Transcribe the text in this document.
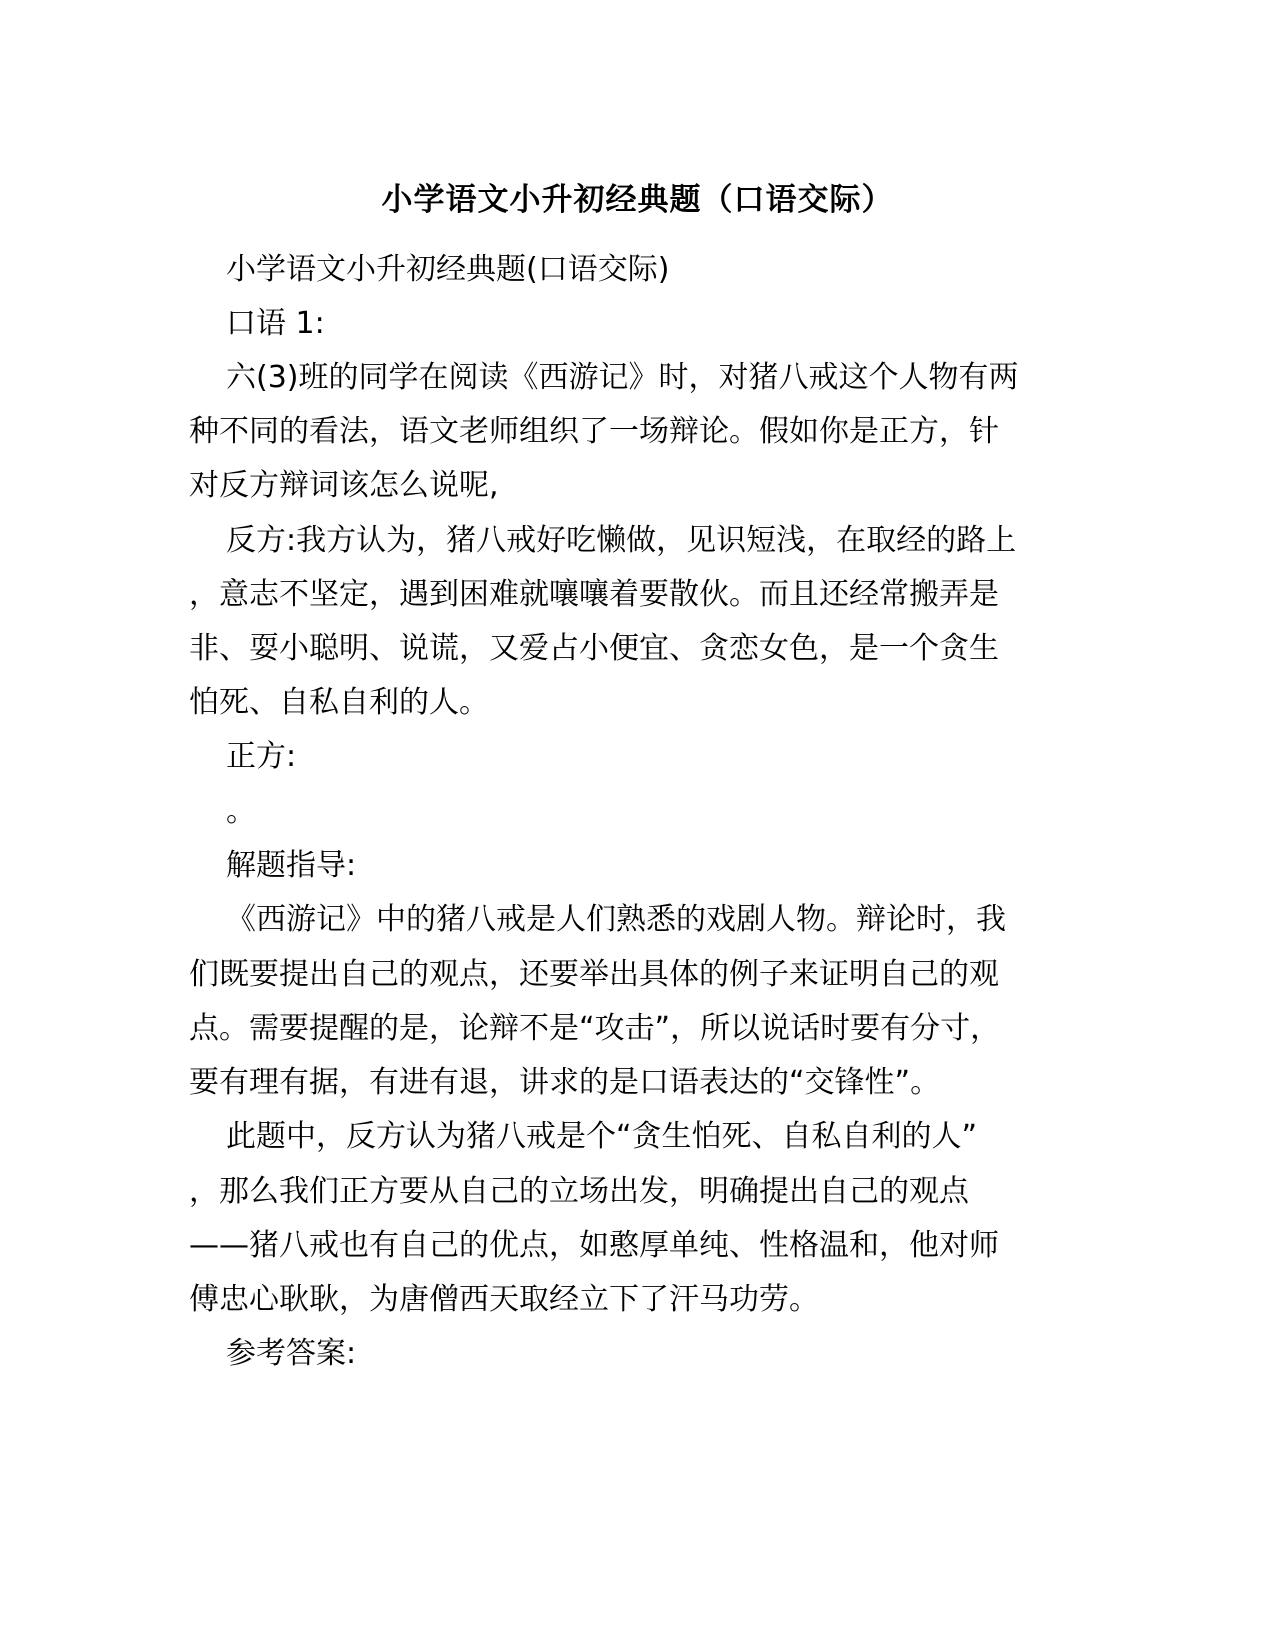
小学语文小升初经典题（口语交际）
小学语文小升初经典题(口语交际)
口语 1:
六(3)班的同学在阅读《西游记》时，对猪八戒这个人物有两
种不同的看法，语文老师组织了一场辩论。假如你是正方，针
对反方辩词该怎么说呢,
反方:我方认为，猪八戒好吃懒做，见识短浅，在取经的路上
，意志不坚定，遇到困难就嚷嚷着要散伙。而且还经常搬弄是
非、耍小聪明、说谎，又爱占小便宜、贪恋女色，是一个贪生
怕死、自私自利的人。
正方:
。
解题指导:
《西游记》中的猪八戒是人们熟悉的戏剧人物。辩论时，我
们既要提出自己的观点，还要举出具体的例子来证明自己的观
点。需要提醒的是，论辩不是“攻击”，所以说话时要有分寸，
要有理有据，有进有退，讲求的是口语表达的“交锋性”。
此题中，反方认为猪八戒是个“贪生怕死、自私自利的人”
，那么我们正方要从自己的立场出发，明确提出自己的观点
——猪八戒也有自己的优点，如憨厚单纯、性格温和，他对师
傅忠心耿耿，为唐僧西天取经立下了汗马功劳。
参考答案:
